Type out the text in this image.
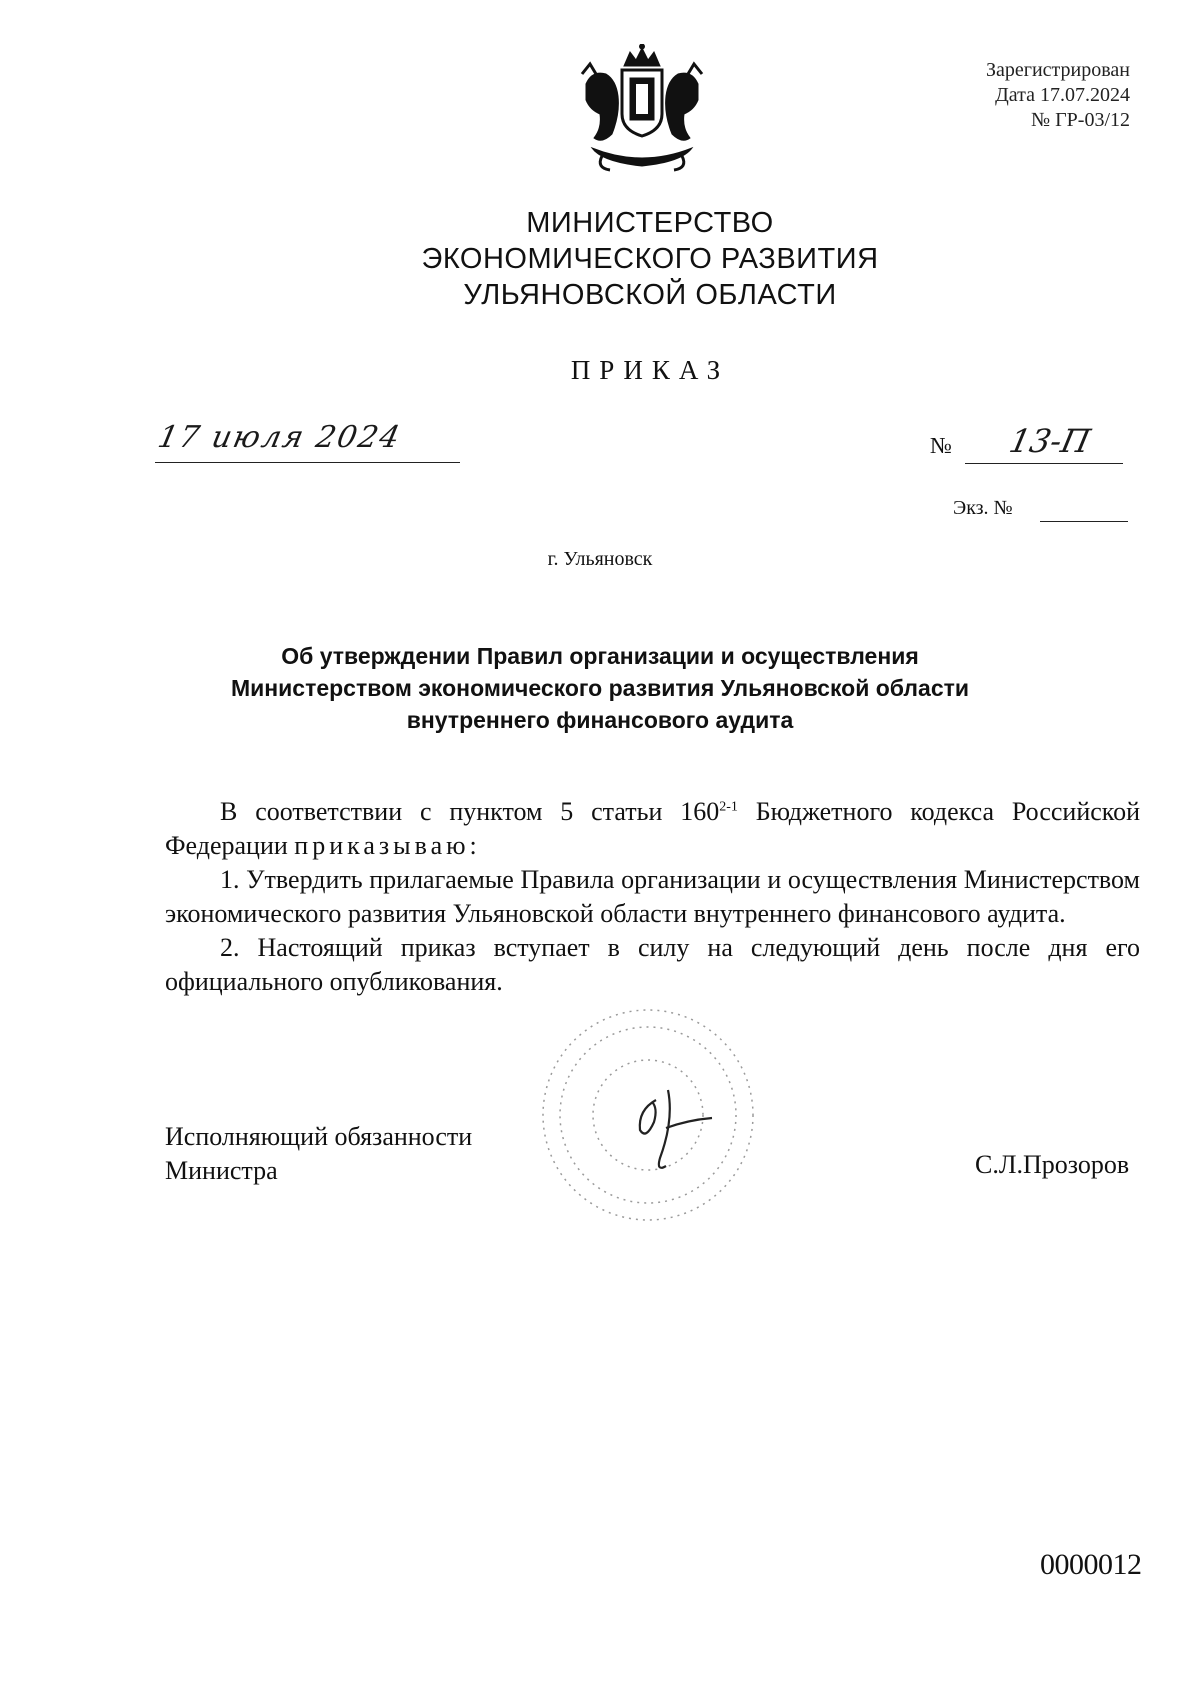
Зарегистрирован
Дата 17.07.2024
№ ГР-03/12
МИНИСТЕРСТВО
ЭКОНОМИЧЕСКОГО РАЗВИТИЯ
УЛЬЯНОВСКОЙ ОБЛАСТИ
ПРИКАЗ
17 июля 2024	№ 13-П
Экз. №
г. Ульяновск
Об утверждении Правил организации и осуществления
Министерством экономического развития Ульяновской области
внутреннего финансового аудита

В соответствии с пунктом 5 статьи 160$^{2-1}$ Бюджетного кодекса Российской Федерации приказываю:

1. Утвердить прилагаемые Правила организации и осуществления Министерством экономического развития Ульяновской области внутреннего финансового аудита.

2. Настоящий приказ вступает в силу на следующий день после дня его официального опубликования.

Исполняющий обязанности
Министра	С.Л.Прозоров
0000012
